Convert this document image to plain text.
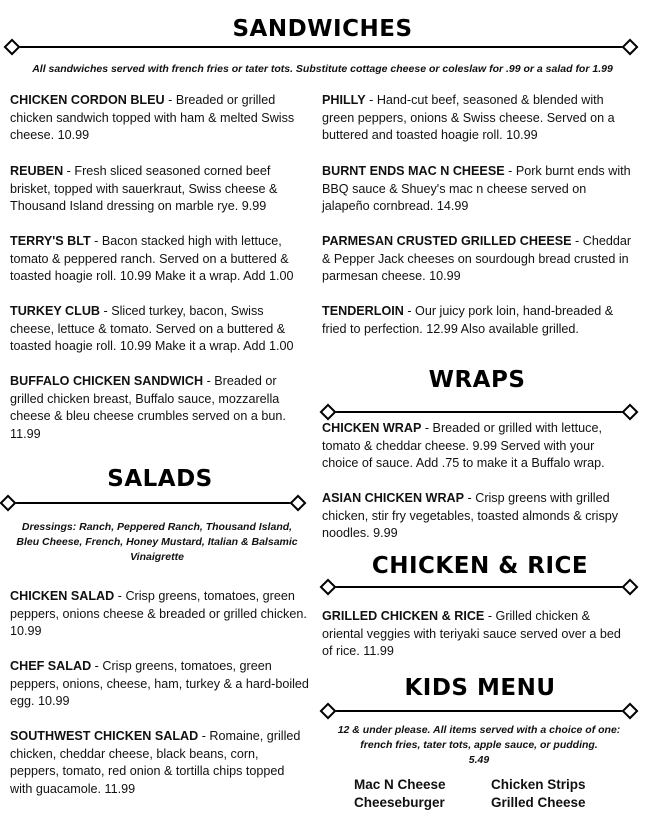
SANDWICHES
All sandwiches served with french fries or tater tots. Substitute cottage cheese or coleslaw for .99 or a salad for 1.99
SALADS
Dressings: Ranch, Peppered Ranch, Thousand Island, Bleu Cheese, French, Honey Mustard, Italian & Balsamic Vinaigrette
WRAPS
CHICKEN & RICE
KIDS MENU
12 & under please. All items served with a choice of one: french fries, tater tots, apple sauce, or pudding.
5.49
Mac N Cheese	Chicken Strips
Cheeseburger	Grilled Cheese
CHICKEN CORDON BLEU - Breaded or grilled chicken sandwich topped with ham & melted Swiss cheese. 10.99
REUBEN - Fresh sliced seasoned corned beef brisket, topped with sauerkraut, Swiss cheese & Thousand Island dressing on marble rye. 9.99
TERRY'S BLT - Bacon stacked high with lettuce, tomato & peppered ranch. Served on a buttered & toasted hoagie roll. 10.99 Make it a wrap. Add 1.00
TURKEY CLUB - Sliced turkey, bacon, Swiss cheese, lettuce & tomato. Served on a buttered & toasted hoagie roll. 10.99 Make it a wrap. Add 1.00
BUFFALO CHICKEN SANDWICH - Breaded or grilled chicken breast, Buffalo sauce, mozzarella cheese & bleu cheese crumbles served on a bun. 11.99
CHICKEN SALAD - Crisp greens, tomatoes, green peppers, onions cheese & breaded or grilled chicken. 10.99
CHEF SALAD - Crisp greens, tomatoes, green peppers, onions, cheese, ham, turkey & a hard-boiled egg. 10.99
SOUTHWEST CHICKEN SALAD - Romaine, grilled chicken, cheddar cheese, black beans, corn, peppers, tomato, red onion & tortilla chips topped with guacamole. 11.99
PHILLY - Hand-cut beef, seasoned & blended with green peppers, onions & Swiss cheese. Served on a buttered and toasted hoagie roll. 10.99
BURNT ENDS MAC N CHEESE - Pork burnt ends with BBQ sauce & Shuey's mac n cheese served on jalapeño cornbread. 14.99
PARMESAN CRUSTED GRILLED CHEESE - Cheddar & Pepper Jack cheeses on sourdough bread crusted in parmesan cheese. 10.99
TENDERLOIN - Our juicy pork loin, hand-breaded & fried to perfection. 12.99 Also available grilled.
CHICKEN WRAP - Breaded or grilled with lettuce, tomato & cheddar cheese. 9.99 Served with your choice of sauce. Add .75 to make it a Buffalo wrap.
ASIAN CHICKEN WRAP - Crisp greens with grilled chicken, stir fry vegetables, toasted almonds & crispy noodles. 9.99
GRILLED CHICKEN & RICE - Grilled chicken & oriental veggies with teriyaki sauce served over a bed of rice. 11.99
